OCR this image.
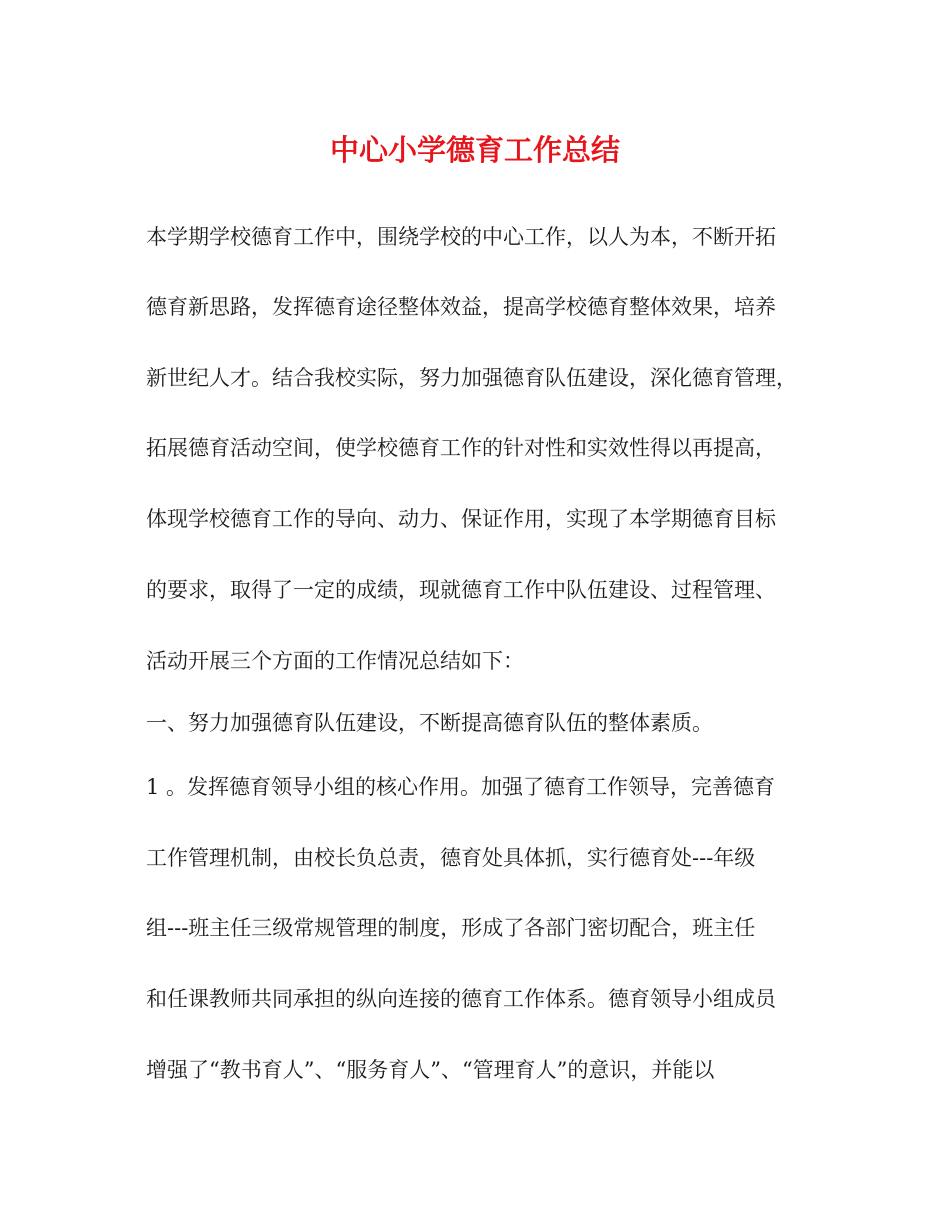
中心小学德育工作总结
本学期学校德育工作中，围绕学校的中心工作，以人为本，不断开拓
德育新思路，发挥德育途径整体效益，提高学校德育整体效果，培养
新世纪人才。结合我校实际，努力加强德育队伍建设，深化德育管理，
拓展德育活动空间，使学校德育工作的针对性和实效性得以再提高，
体现学校德育工作的导向、动力、保证作用，实现了本学期德育目标
的要求，取得了一定的成绩，现就德育工作中队伍建设、过程管理、
活动开展三个方面的工作情况总结如下：
一、努力加强德育队伍建设，不断提高德育队伍的整体素质。
1 。发挥德育领导小组的核心作用。加强了德育工作领导，完善德育
工作管理机制，由校长负总责，德育处具体抓，实行德育处---年级
组---班主任三级常规管理的制度，形成了各部门密切配合，班主任
和任课教师共同承担的纵向连接的德育工作体系。德育领导小组成员
增强了“教书育人”、“服务育人”、“管理育人”的意识，并能以
